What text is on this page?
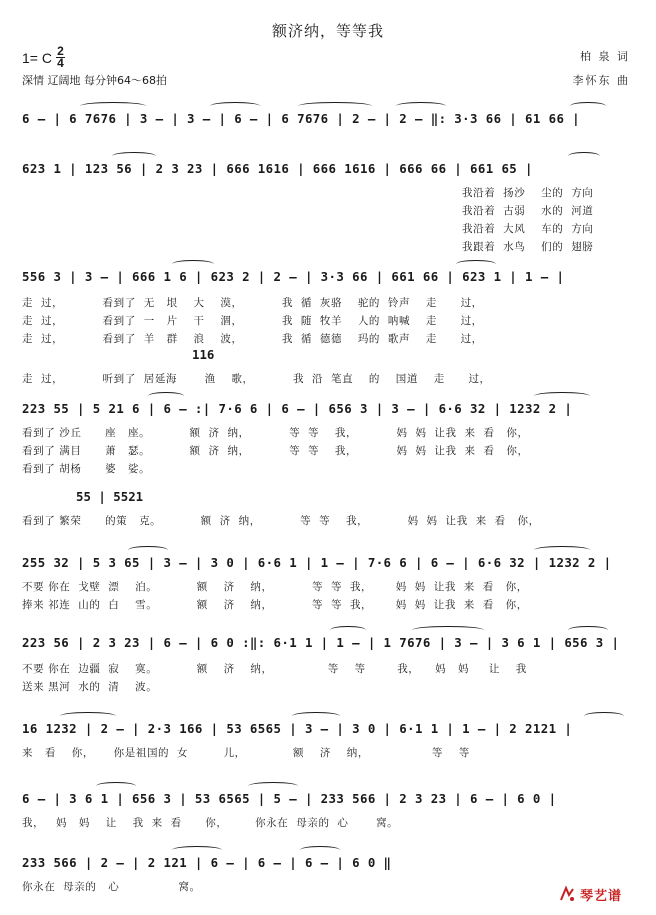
额济纳，等等我
1= C 2
4
深情 辽阔地 每分钟64～68拍
柏 泉 词
李怀东 曲
6 – | 6 7676 | 3 – | 3 – | 6 – | 6 7676 | 2 – | 2 – ‖: 3·3 66 | 61 66 |
623 1 | 123 56 | 2 3 23 | 666 1616 | 666 1616 | 666 66 | 661 65 |
我沿着  扬沙    尘的  方向
我沿着  古弱    水的  河道
我沿着  大风    车的  方向
我跟着  水鸟    们的  翅膀
556 3 | 3 – | 666 1 6 | 623 2 | 2 – | 3·3 66 | 661 66 | 623 1 | 1 – |
走  过，          看到了  无   垠    大    漠，          我  循  灰骆    驼的  铃声    走      过，
走  过，          看到了  一   片    干    涸，          我  随  牧羊    人的  呐喊    走      过，
走  过，          看到了  羊   群    浪    波，          我  循  德德    玛的  歌声    走      过，
116
走  过，          听到了  居延海       渔    歌，          我  沿  笔直    的    国道    走      过，
223 55 | 5 21 6 | 6 – :| 7·6 6 | 6 – | 656 3 | 3 – | 6·6 32 | 1232 2 |
看到了 沙丘      座   座。          额  济  纳，          等  等    我，          妈  妈  让我  来  看   你，
看到了 满目      萧   瑟。          额  济  纳，          等  等    我，          妈  妈  让我  来  看   你，
看到了 胡杨      婆   娑。
55 | 5521
看到了 繁荣      的策   克。          额  济  纳，          等  等    我，          妈  妈  让我  来  看   你，
255 32 | 5 3 65 | 3 – | 3 0 | 6·6 1 | 1 – | 7·6 6 | 6 – | 6·6 32 | 1232 2 |
不要 你在  戈壁  漂    泊。          额    济    纳，          等  等  我，      妈  妈  让我  来  看   你，
捧来 祁连  山的  白    雪。          额    济    纳，          等  等  我，      妈  妈  让我  来  看   你，
223 56 | 2 3 23 | 6 – | 6 0 :‖: 6·1 1 | 1 – | 1 7676 | 3 – | 3 6 1 | 656 3 |
不要 你在  边疆  寂    寞。          额    济    纳，              等    等        我，    妈   妈     让    我
送来 黑河  水的  清    波。
16 1232 | 2 – | 2·3 166 | 53 6565 | 3 – | 3 0 | 6·1 1 | 1 – | 2 2121 |
来   看    你，     你是祖国的  女         儿，            额    济    纳，                等    等
6 – | 3 6 1 | 656 3 | 53 6565 | 5 – | 233 566 | 2 3 23 | 6 – | 6 0 |
我，   妈   妈    让    我  来  看      你，       你永在  母亲的  心       窝。
233 566 | 2 – | 2 121 | 6 – | 6 – | 6 – | 6 0 ‖
你永在  母亲的   心               窝。
琴艺谱
